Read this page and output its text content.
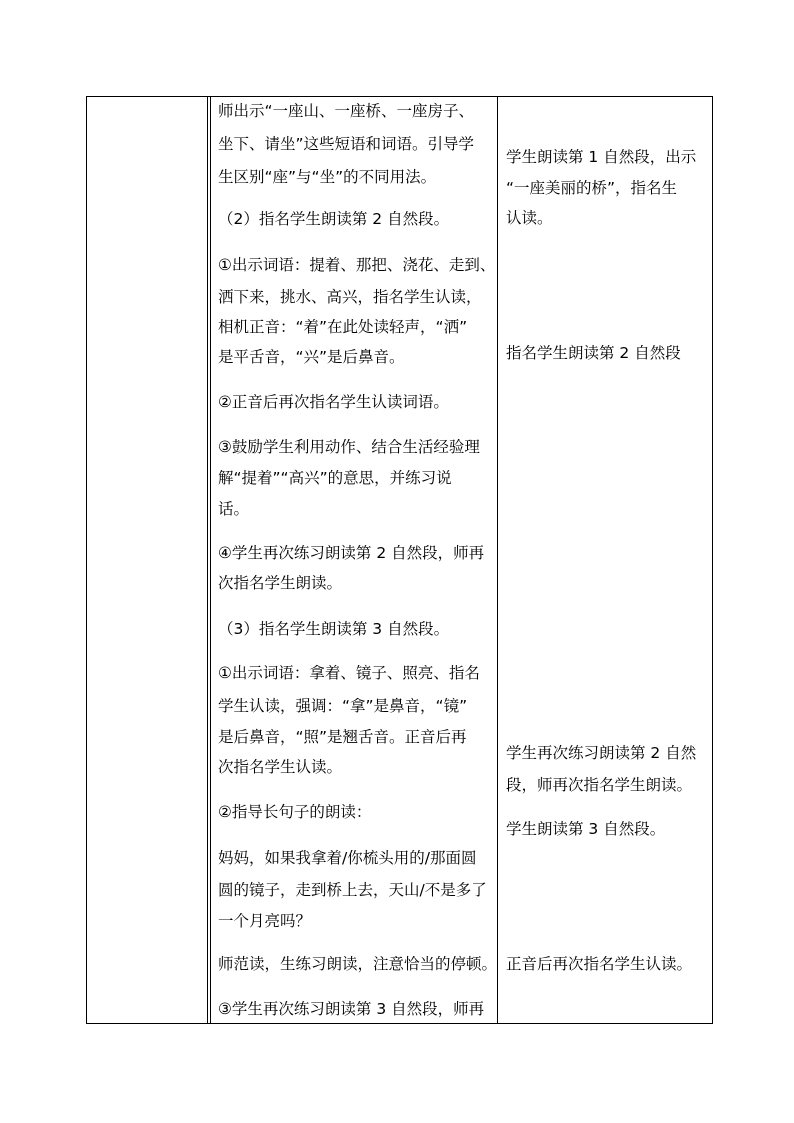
师出示“一座山、一座桥、一座房子、
坐下、请坐”这些短语和词语。引导学
生区别“座”与“坐”的不同用法。
（2）指名学生朗读第 2 自然段。
①出示词语：提着、那把、浇花、走到、
洒下来，挑水、高兴，指名学生认读，
相机正音：“着”在此处读轻声，“洒”
是平舌音，“兴”是后鼻音。
②正音后再次指名学生认读词语。
③鼓励学生利用动作、结合生活经验理
解“提着”“高兴”的意思，并练习说
话。
④学生再次练习朗读第 2 自然段，师再
次指名学生朗读。
（3）指名学生朗读第 3 自然段。
①出示词语：拿着、镜子、照亮、指名
学生认读，强调：“拿”是鼻音，“镜”
是后鼻音，“照”是翘舌音。正音后再
次指名学生认读。
②指导长句子的朗读：
妈妈，如果我拿着/你梳头用的/那面圆
圆的镜子，走到桥上去，天山/不是多了
一个月亮吗？
师范读，生练习朗读，注意恰当的停顿。
③学生再次练习朗读第 3 自然段，师再
学生朗读第 1 自然段，出示
“一座美丽的桥”，指名生
认读。
指名学生朗读第 2 自然段
学生再次练习朗读第 2 自然
段，师再次指名学生朗读。
学生朗读第 3 自然段。
正音后再次指名学生认读。
